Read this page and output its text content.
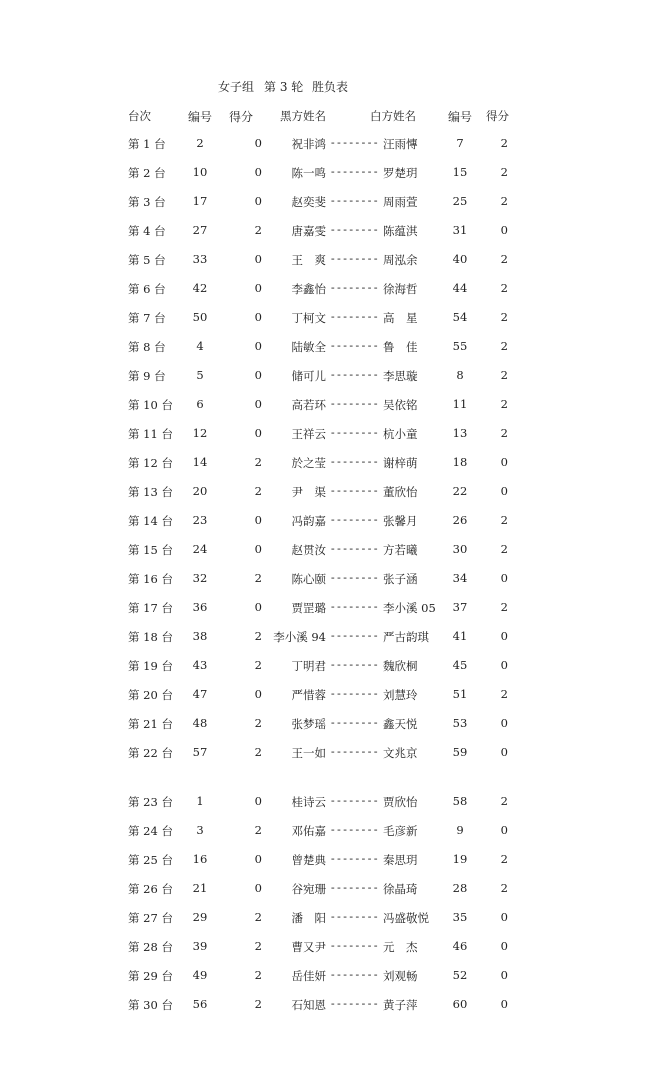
女子组 第 3 轮 胜负表
台次	编号	得分 黑方姓名	白方姓名	编号	得分
第 1 台	2	0	祝非鸿 -------- 汪雨慱	7	2
第 2 台	10	0	陈一鸣 -------- 罗楚玥	15	2
第 3 台	17	0	赵奕斐 -------- 周雨萱	25	2
第 4 台	27	2	唐嘉雯 -------- 陈蕴淇	31	0
第 5 台	33	0	王　爽 -------- 周泓余	40	2
第 6 台	42	0	李鑫怡 -------- 徐海哲	44	2
第 7 台	50	0	丁柯文 -------- 高　星	54	2
第 8 台	4	0	陆敏全 -------- 鲁　佳	55	2
第 9 台	5	0	储可儿 -------- 李思璇	8	2
第 10 台	6	0	高若环 -------- 吴依铭	11	2
第 11 台	12	0	王祥云 -------- 杭小童	13	2
第 12 台	14	2	於之莹 -------- 谢梓萌	18	0
第 13 台	20	2	尹　渠 -------- 董欣怡	22	0
第 14 台	23	0	冯韵嘉 -------- 张馨月	26	2
第 15 台	24	0	赵贯汝 -------- 方若曦	30	2
第 16 台	32	2	陈心颐 -------- 张子涵	34	0
第 17 台	36	0	贾罡璐 -------- 李小溪 05	37	2
第 18 台	38	2 李小溪 94 -------- 严古韵琪	41	0
第 19 台	43	2	丁明君 -------- 魏欣桐	45	0
第 20 台	47	0	严惜蓉 -------- 刘慧玲	51	2
第 21 台	48	2	张梦瑶 -------- 鑫天悦	53	0
第 22 台	57	2	王一如 -------- 文兆京	59	0
第 23 台	1	0	桂诗云 -------- 贾欣怡	58	2
第 24 台	3	2	邓佑嘉 -------- 毛彦新	9	0
第 25 台	16	0	曾楚典 -------- 秦思玥	19	2
第 26 台	21	0	谷宛珊 -------- 徐晶琦	28	2
第 27 台	29	2	潘　阳 -------- 冯盛敬悦	35	0
第 28 台	39	2	曹又尹 -------- 元　杰	46	0
第 29 台	49	2	岳佳妍 -------- 刘观畅	52	0
第 30 台	56	2	石知恩 -------- 黄子萍	60	0
